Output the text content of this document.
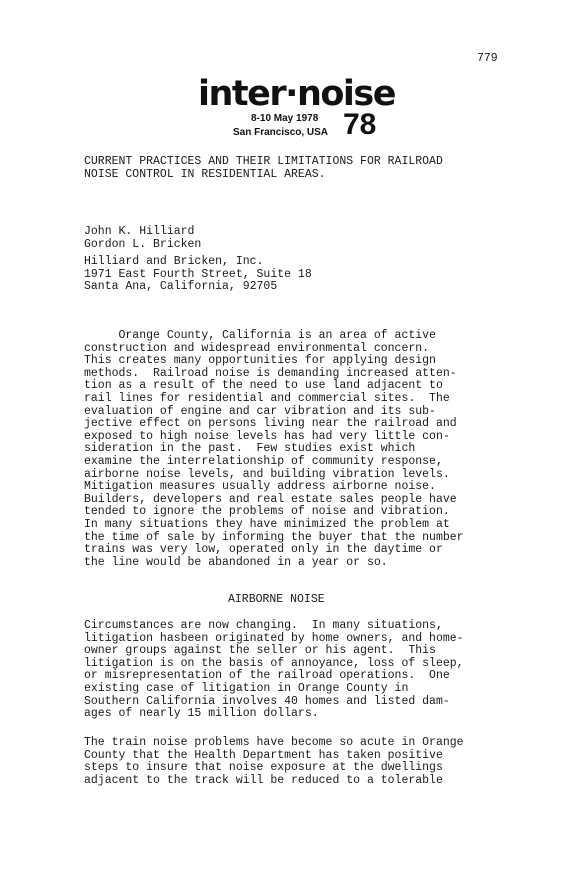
779
inter·noise
8-10 May 1978
San Francisco, USA 78
CURRENT PRACTICES AND THEIR LIMITATIONS FOR RAILROAD
NOISE CONTROL IN RESIDENTIAL AREAS.
John K. Hilliard
Gordon L. Bricken
Hilliard and Bricken, Inc.
1971 East Fourth Street, Suite 18
Santa Ana, California, 92705
Orange County, California is an area of active
construction and widespread environmental concern.
This creates many opportunities for applying design
methods.  Railroad noise is demanding increased atten-
tion as a result of the need to use land adjacent to
rail lines for residential and commercial sites.  The
evaluation of engine and car vibration and its sub-
jective effect on persons living near the railroad and
exposed to high noise levels has had very little con-
sideration in the past.  Few studies exist which
examine the interrelationship of community response,
airborne noise levels, and building vibration levels.
Mitigation measures usually address airborne noise.
Builders, developers and real estate sales people have
tended to ignore the problems of noise and vibration.
In many situations they have minimized the problem at
the time of sale by informing the buyer that the number
trains was very low, operated only in the daytime or
the line would be abandoned in a year or so.
AIRBORNE NOISE
Circumstances are now changing.  In many situations,
litigation hasbeen originated by home owners, and home-
owner groups against the seller or his agent.  This
litigation is on the basis of annoyance, loss of sleep,
or misrepresentation of the railroad operations.  One
existing case of litigation in Orange County in
Southern California involves 40 homes and listed dam-
ages of nearly 15 million dollars.
The train noise problems have become so acute in Orange
County that the Health Department has taken positive
steps to insure that noise exposure at the dwellings
adjacent to the track will be reduced to a tolerable
